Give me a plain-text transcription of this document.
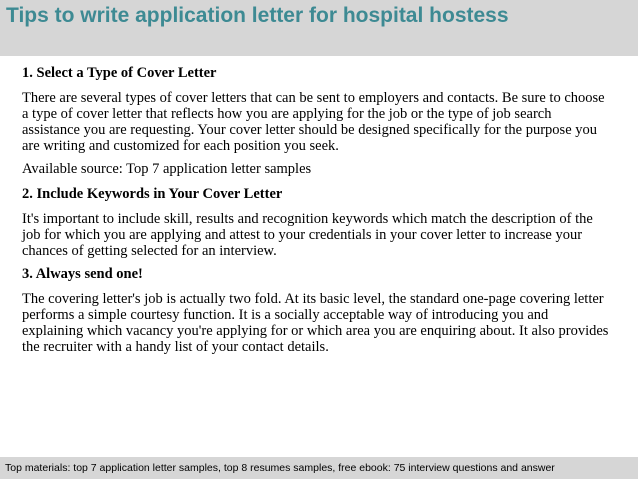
Tips to write application letter for hospital hostess

1. Select a Type of Cover Letter

There are several types of cover letters that can be sent to employers and contacts. Be sure to choose a type of cover letter that reflects how you are applying for the job or the type of job search assistance you are requesting. Your cover letter should be designed specifically for the purpose you are writing and customized for each position you seek.

Available source: Top 7 application letter samples

2. Include Keywords in Your Cover Letter

It's important to include skill, results and recognition keywords which match the description of the job for which you are applying and attest to your credentials in your cover letter to increase your chances of getting selected for an interview.

3. Always send one!

The covering letter's job is actually two fold. At its basic level, the standard one-page covering letter performs a simple courtesy function. It is a socially acceptable way of introducing you and explaining which vacancy you're applying for or which area you are enquiring about. It also provides the recruiter with a handy list of your contact details.

Top materials: top 7 application letter samples, top 8 resumes samples, free ebook: 75 interview questions and answer
